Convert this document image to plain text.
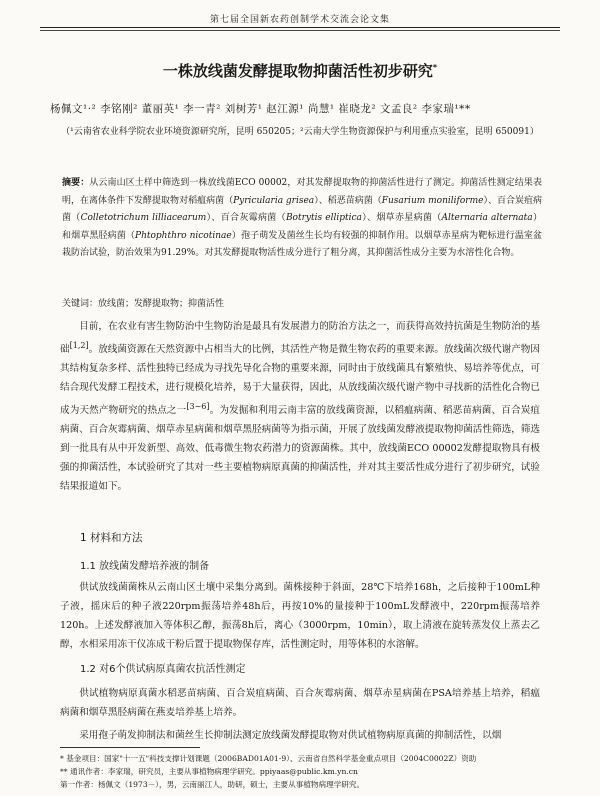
第七届全国新农药创制学术交流会论文集
一株放线菌发酵提取物抑菌活性初步研究*
杨佩文¹·² 李铭刚² 董丽英¹ 李一青² 刘树芳¹ 赵江源¹ 尚慧¹ 崔晓龙² 文孟良² 李家瑞¹**
（¹云南省农业科学院农业环境资源研究所，昆明 650205；²云南大学生物资源保护与利用重点实验室，昆明 650091）
摘要：从云南山区土样中筛选到一株放线菌ECO 00002，对其发酵提取物的抑菌活性进行了测定。抑菌活性测定结果表明，在离体条件下发酵提取物对稻瘟病菌（Pyricularia grisea）、稻恶苗病菌（Fusarium moniliforme）、百合炭疽病菌（Colletotrichum lilliacearum）、百合灰霉病菌（Botrytis elliptica）、烟草赤星病菌（Alternaria alternata）和烟草黑胫病菌（Phtophthro nicotinae）孢子萌发及菌丝生长均有较强的抑制作用。以烟草赤星病为靶标进行温室盆栽防治试验，防治效果为91.29%。对其发酵提取物活性成分进行了粗分离，其抑菌活性成分主要为水溶性化合物。
关键词：放线菌；发酵提取物；抑菌活性
目前，在农业有害生物防治中生物防治是最具有发展潜力的防治方法之一，而获得高效持抗菌是生物防治的基础[1,2]。放线菌资源在天然资源中占相当大的比例，其活性产物是微生物农药的重要来源。放线菌次级代谢产物因其结构复杂多样、活性独特已经成为寻找先导化合物的重要来源，同时由于放线菌具有繁殖快、易培养等优点，可结合现代发酵工程技术，进行规模化培养，易于大量获得，因此，从放线菌次级代谢产物中寻找新的活性化合物已成为天然产物研究的热点之一[3~6]。为发掘和利用云南丰富的放线菌资源，以稻瘟病菌、稻恶苗病菌、百合炭疽病菌、百合灰霉病菌、烟草赤星病菌和烟草黑胫病菌等为指示菌，开展了放线菌发酵液提取物抑菌活性筛选，筛选到一批具有从中开发新型、高效、低毒微生物农药潜力的资源菌株。其中，放线菌ECO 00002发酵提取物具有极强的抑菌活性，本试验研究了其对一些主要植物病原真菌的抑菌活性，并对其主要活性成分进行了初步研究，试验结果报道如下。
1 材料和方法
1.1 放线菌发酵培养液的制备
供试放线菌菌株从云南山区土壤中采集分离到。菌株接种于斜面，28℃下培养168h，之后接种于100mL种子液，摇床后的种子液220rpm振荡培养48h后，再按10%的量接种于100mL发酵液中，220rpm振荡培养120h。上述发酵液加入等体积乙醇，振荡8h后，离心（3000rpm，10min），取上清液在旋转蒸发仪上蒸去乙醇，水相采用冻干仪冻成干粉后置于提取物保存库，活性测定时，用等体积的水溶解。
1.2 对6个供试病原真菌农抗活性测定
供试植物病原真菌水稻恶苗病菌、百合炭疽病菌、百合灰霉病菌、烟草赤星病菌在PSA培养基上培养，稻瘟病菌和烟草黑胫病菌在燕麦培养基上培养。
采用孢子萌发抑制法和菌丝生长抑制法测定放线菌发酵提取物对供试植物病原真菌的抑制活性，以烟
* 基金项目：国家"十一五"科技支撑计划课题（2006BAD01A01-9）、云南省自然科学基金重点项目（2004C0002Z）资助
** 通讯作者：李家瑞，研究员，主要从事植物病理学研究。ppiyaas@public.km.yn.cn
第一作者：杨佩文（1973－），男，云南丽江人，助研，硕士，主要从事植物病理学研究。
